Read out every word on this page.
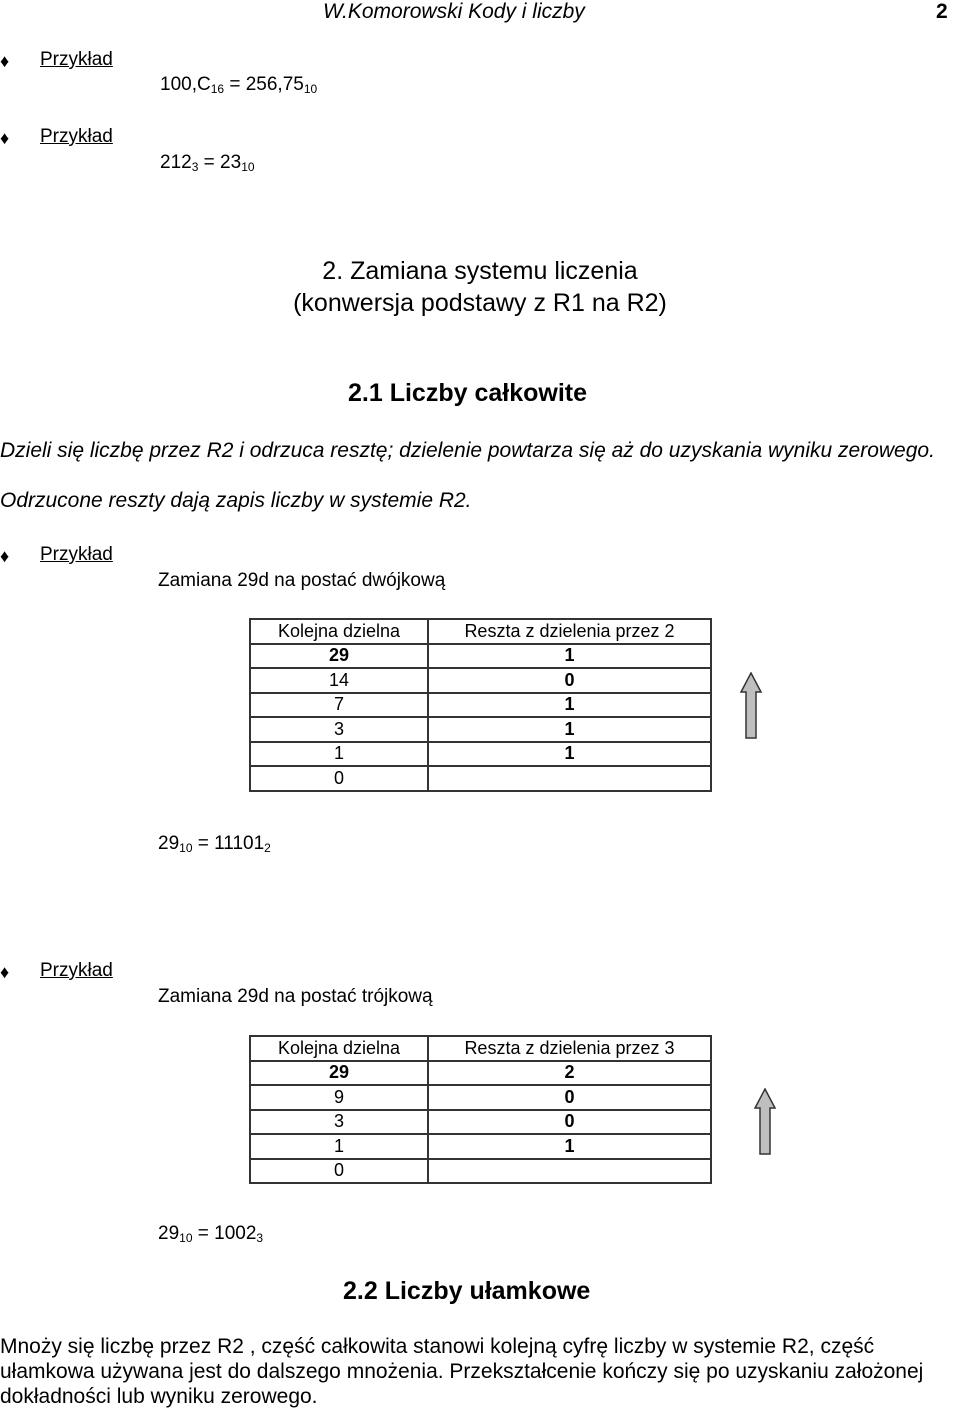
W.Komorowski Kody i liczby	2
♦ Przykład
$100,C_{16} = 256,75_{10}$
♦ Przykład
$212_3 = 23_{10}$
2. Zamiana systemu liczenia
(konwersja podstawy z R1 na R2)
2.1 Liczby całkowite
Dzieli się liczbę przez R2 i odrzuca resztę; dzielenie powtarza się aż do uzyskania wyniku zerowego.
Odrzucone reszty dają zapis liczby w systemie R2.
♦ Przykład
Zamiana 29d na postać dwójkową
Kolejna dzielna	Reszta z dzielenia przez 2
29	1
14	0
7	1
3	1
1	1
0	
$29_{10} = 11101_2$
♦ Przykład
Zamiana 29d na postać trójkową
Kolejna dzielna	Reszta z dzielenia przez 3
29	2
9	0
3	0
1	1
0	
$29_{10} = 1002_3$
2.2 Liczby ułamkowe
Mnoży się liczbę przez R2 , część całkowita stanowi kolejną cyfrę liczby w systemie R2, część ułamkowa używana jest do dalszego mnożenia. Przekształcenie kończy się po uzyskaniu założonej dokładności lub wyniku zerowego.
